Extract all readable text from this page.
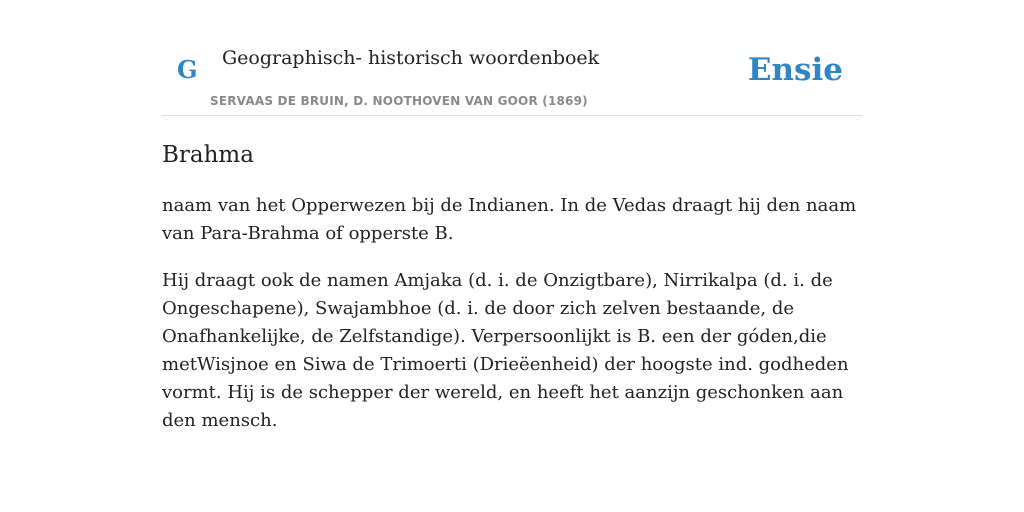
G Geographisch- historisch woordenboek
SERVAAS DE BRUIN, D. NOOTHOVEN VAN GOOR (1869)
Ensie
Brahma

naam van het Opperwezen bij de Indianen. In de Vedas draagt hij den naam van Para-Brahma of opperste B.

Hij draagt ook de namen Amjaka (d. i. de Onzigtbare), Nirrikalpa (d. i. de Ongeschapene), Swajambhoe (d. i. de door zich zelven bestaande, de Onafhankelijke, de Zelfstandige). Verpersoonlijkt is B. een der góden,die metWisjnoe en Siwa de Trimoerti (Drieëenheid) der hoogste ind. godheden vormt. Hij is de schepper der wereld, en heeft het aanzijn geschonken aan den mensch.
